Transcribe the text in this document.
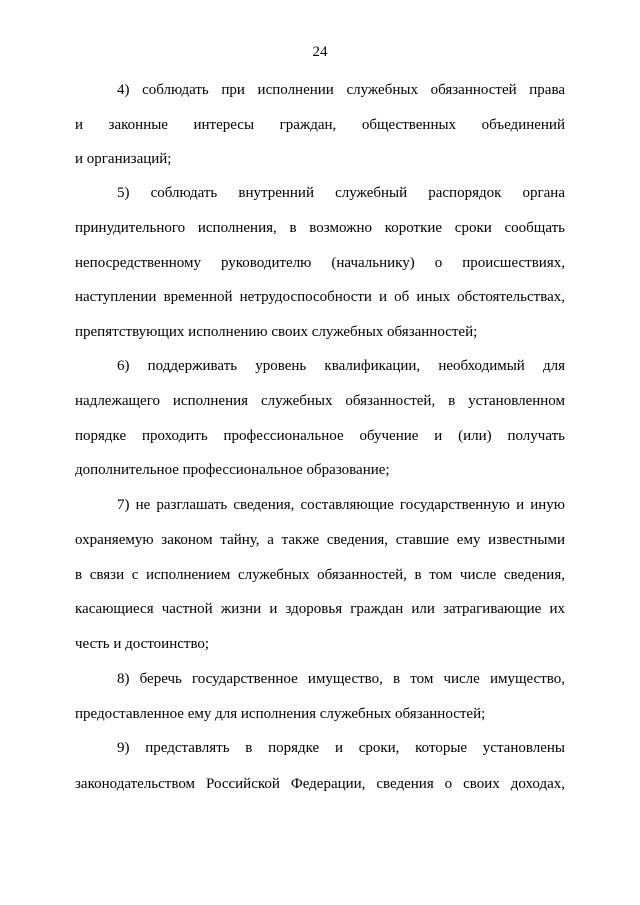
24
4) соблюдать при исполнении служебных обязанностей права
и законные интересы граждан, общественных объединений
и организаций;
5) соблюдать внутренний служебный распорядок органа
принудительного исполнения, в возможно короткие сроки сообщать
непосредственному руководителю (начальнику) о происшествиях,
наступлении временной нетрудоспособности и об иных обстоятельствах,
препятствующих исполнению своих служебных обязанностей;
6) поддерживать уровень квалификации, необходимый для
надлежащего исполнения служебных обязанностей, в установленном
порядке проходить профессиональное обучение и (или) получать
дополнительное профессиональное образование;
7) не разглашать сведения, составляющие государственную и иную
охраняемую законом тайну, а также сведения, ставшие ему известными
в связи с исполнением служебных обязанностей, в том числе сведения,
касающиеся частной жизни и здоровья граждан или затрагивающие их
честь и достоинство;
8) беречь государственное имущество, в том числе имущество,
предоставленное ему для исполнения служебных обязанностей;
9) представлять в порядке и сроки, которые установлены
законодательством Российской Федерации, сведения о своих доходах,
